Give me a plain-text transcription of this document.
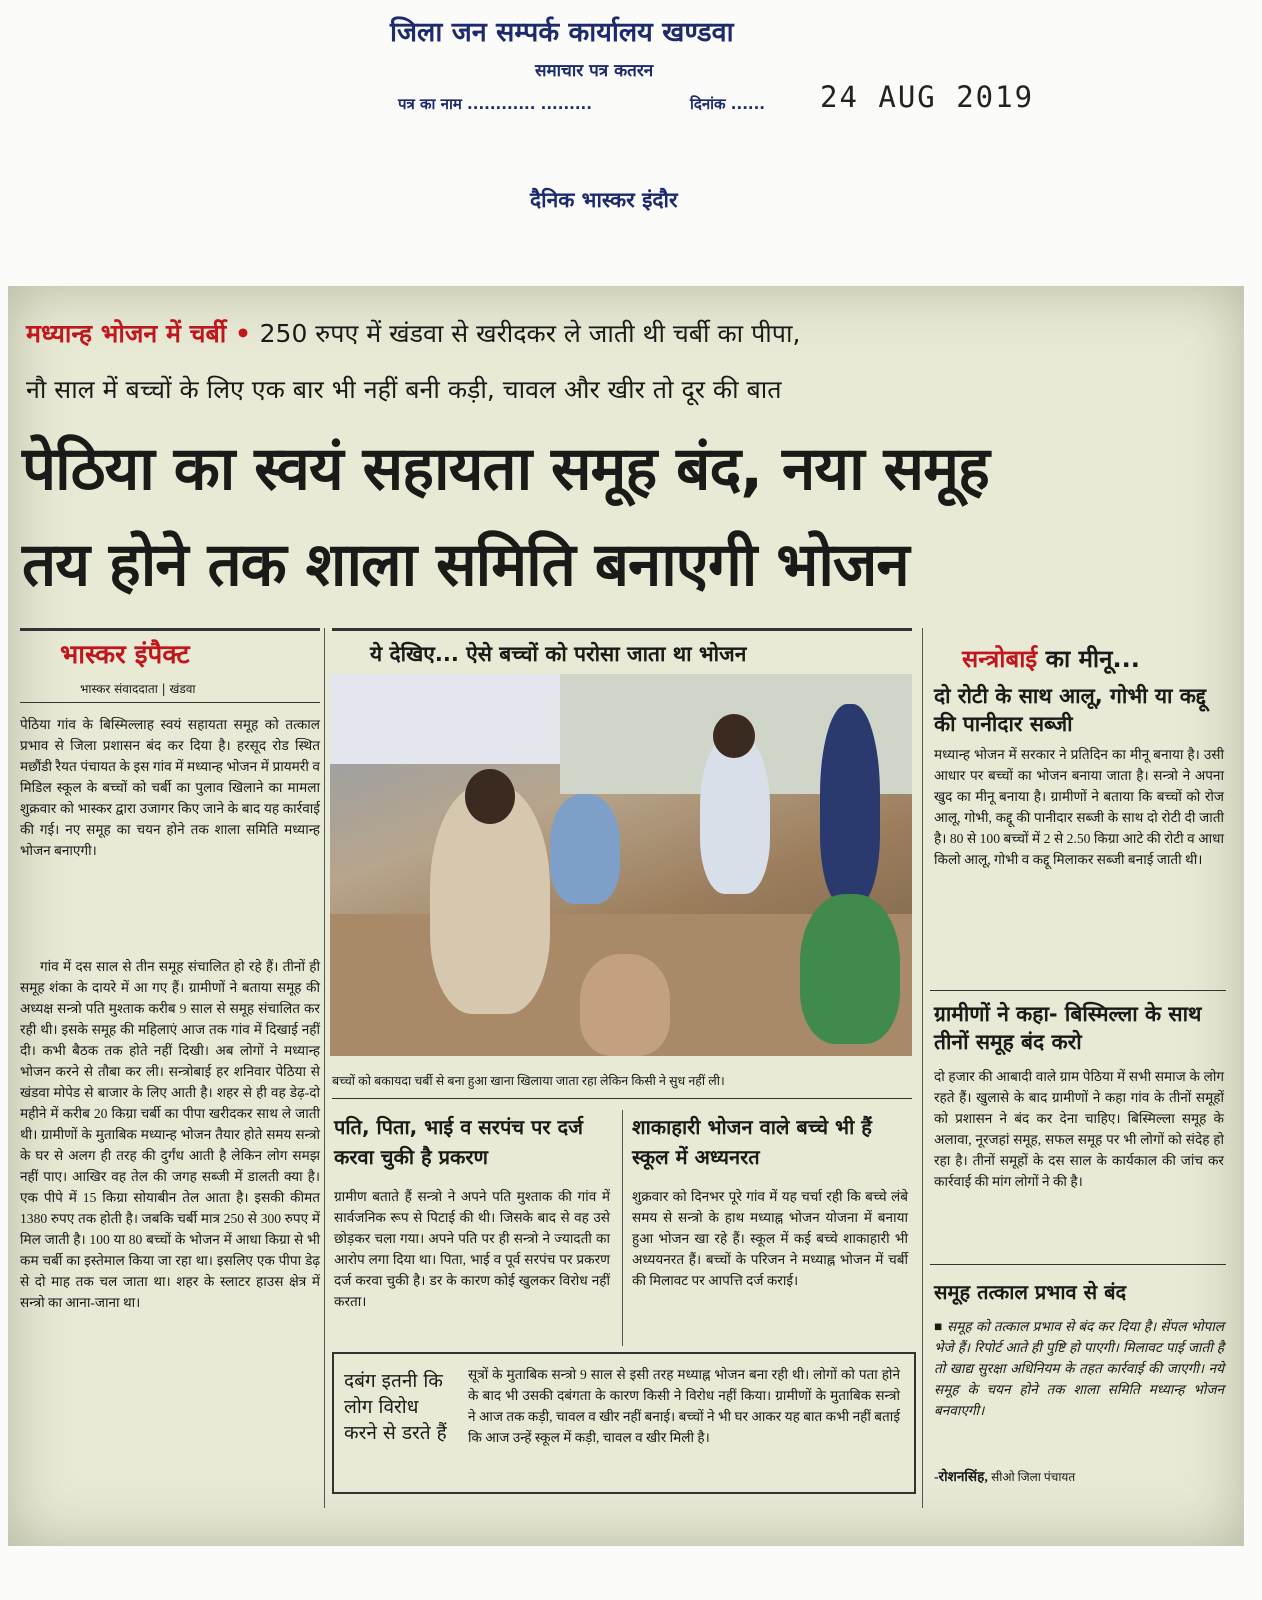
जिला जन सम्पर्क कार्यालय खण्डवा
समाचार पत्र कतरन
पत्र का नाम ............ .........	दिनांक ...... 24 AUG 2019
दैनिक भास्कर इंदौर
मध्यान्ह भोजन में चर्बी • 250 रुपए में खंडवा से खरीदकर ले जाती थी चर्बी का पीपा,
नौ साल में बच्चों के लिए एक बार भी नहीं बनी कड़ी, चावल और खीर तो दूर की बात
पेठिया का स्वयं सहायता समूह बंद, नया समूह
तय होने तक शाला समिति बनाएगी भोजन
भास्कर इंपैक्ट
भास्कर संवाददाता | खंडवा
पेठिया गांव के बिस्मिल्लाह स्वयं सहायता समूह को तत्काल प्रभाव से जिला प्रशासन बंद कर दिया है। हरसूद रोड स्थित मछौंडी रैयत पंचायत के इस गांव में मध्यान्ह भोजन में प्रायमरी व मिडिल स्कूल के बच्चों को चर्बी का पुलाव खिलाने का मामला शुक्रवार को भास्कर द्वारा उजागर किए जाने के बाद यह कार्रवाई की गई। नए समूह का चयन होने तक शाला समिति मध्यान्ह भोजन बनाएगी।
गांव में दस साल से तीन समूह संचालित हो रहे हैं। तीनों ही समूह शंका के दायरे में आ गए हैं। ग्रामीणों ने बताया समूह की अध्यक्ष सन्त्रो पति मुश्ताक करीब 9 साल से समूह संचालित कर रही थी। इसके समूह की महिलाएं आज तक गांव में दिखाई नहीं दी। कभी बैठक तक होते नहीं दिखी। अब लोगों ने मध्यान्ह भोजन करने से तौबा कर ली। सन्त्रोबाई हर शनिवार पेठिया से खंडवा मोपेड से बाजार के लिए आती है। शहर से ही वह डेढ़-दो महीने में करीब 20 किग्रा चर्बी का पीपा खरीदकर साथ ले जाती थी। ग्रामीणों के मुताबिक मध्यान्ह भोजन तैयार होते समय सन्त्रो के घर से अलग ही तरह की दुर्गंध आती है लेकिन लोग समझ नहीं पाए। आखिर वह तेल की जगह सब्जी में डालती क्या है। एक पीपे में 15 किग्रा सोयाबीन तेल आता है। इसकी कीमत 1380 रुपए तक होती है। जबकि चर्बी मात्र 250 से 300 रुपए में मिल जाती है। 100 या 80 बच्चों के भोजन में आधा किग्रा से भी कम चर्बी का इस्तेमाल किया जा रहा था। इसलिए एक पीपा डेढ़ से दो माह तक चल जाता था। शहर के स्लाटर हाउस क्षेत्र में सन्त्रो का आना-जाना था।
ये देखिए... ऐसे बच्चों को परोसा जाता था भोजन
बच्चों को बकायदा चर्बी से बना हुआ खाना खिलाया जाता रहा लेकिन किसी ने सुध नहीं ली।
पति, पिता, भाई व सरपंच पर दर्ज करवा चुकी है प्रकरण
ग्रामीण बताते हैं सन्त्रो ने अपने पति मुश्ताक की गांव में सार्वजनिक रूप से पिटाई की थी। जिसके बाद से वह उसे छोड़कर चला गया। अपने पति पर ही सन्त्रो ने ज्यादती का आरोप लगा दिया था। पिता, भाई व पूर्व सरपंच पर प्रकरण दर्ज करवा चुकी है। डर के कारण कोई खुलकर विरोध नहीं करता।
शाकाहारी भोजन वाले बच्चे भी हैं स्कूल में अध्यनरत
शुक्रवार को दिनभर पूरे गांव में यह चर्चा रही कि बच्चे लंबे समय से सन्त्रो के हाथ मध्याह्न भोजन योजना में बनाया हुआ भोजन खा रहे हैं। स्कूल में कई बच्चे शाकाहारी भी अध्ययनरत हैं। बच्चों के परिजन ने मध्याह्न भोजन में चर्बी की मिलावट पर आपत्ति दर्ज कराई।
दबंग इतनी कि लोग विरोध करने से डरते हैं
सूत्रों के मुताबिक सन्त्रो 9 साल से इसी तरह मध्याह्न भोजन बना रही थी। लोगों को पता होने के बाद भी उसकी दबंगता के कारण किसी ने विरोध नहीं किया। ग्रामीणों के मुताबिक सन्त्रो ने आज तक कड़ी, चावल व खीर नहीं बनाई। बच्चों ने भी घर आकर यह बात कभी नहीं बताई कि आज उन्हें स्कूल में कड़ी, चावल व खीर मिली है।
सन्त्रोबाई का मीनू...
दो रोटी के साथ आलू, गोभी या कद्दू की पानीदार सब्जी
मध्यान्ह भोजन में सरकार ने प्रतिदिन का मीनू बनाया है। उसी आधार पर बच्चों का भोजन बनाया जाता है। सन्त्रो ने अपना खुद का मीनू बनाया है। ग्रामीणों ने बताया कि बच्चों को रोज आलू, गोभी, कद्दू की पानीदार सब्जी के साथ दो रोटी दी जाती है। 80 से 100 बच्चों में 2 से 2.50 किग्रा आटे की रोटी व आधा किलो आलू, गोभी व कद्दू मिलाकर सब्जी बनाई जाती थी।
ग्रामीणों ने कहा- बिस्मिल्ला के साथ तीनों समूह बंद करो
दो हजार की आबादी वाले ग्राम पेठिया में सभी समाज के लोग रहते हैं। खुलासे के बाद ग्रामीणों ने कहा गांव के तीनों समूहों को प्रशासन ने बंद कर देना चाहिए। बिस्मिल्ला समूह के अलावा, नूरजहां समूह, सफल समूह पर भी लोगों को संदेह हो रहा है। तीनों समूहों के दस साल के कार्यकाल की जांच कर कार्रवाई की मांग लोगों ने की है।
समूह तत्काल प्रभाव से बंद
■ समूह को तत्काल प्रभाव से बंद कर दिया है। सेंपल भोपाल भेजे हैं। रिपोर्ट आते ही पुष्टि हो पाएगी। मिलावट पाई जाती है तो खाद्य सुरक्षा अधिनियम के तहत कार्रवाई की जाएगी। नये समूह के चयन होने तक शाला समिति मध्यान्ह भोजन बनवाएगी।
-रोशनसिंह, सीओ जिला पंचायत
